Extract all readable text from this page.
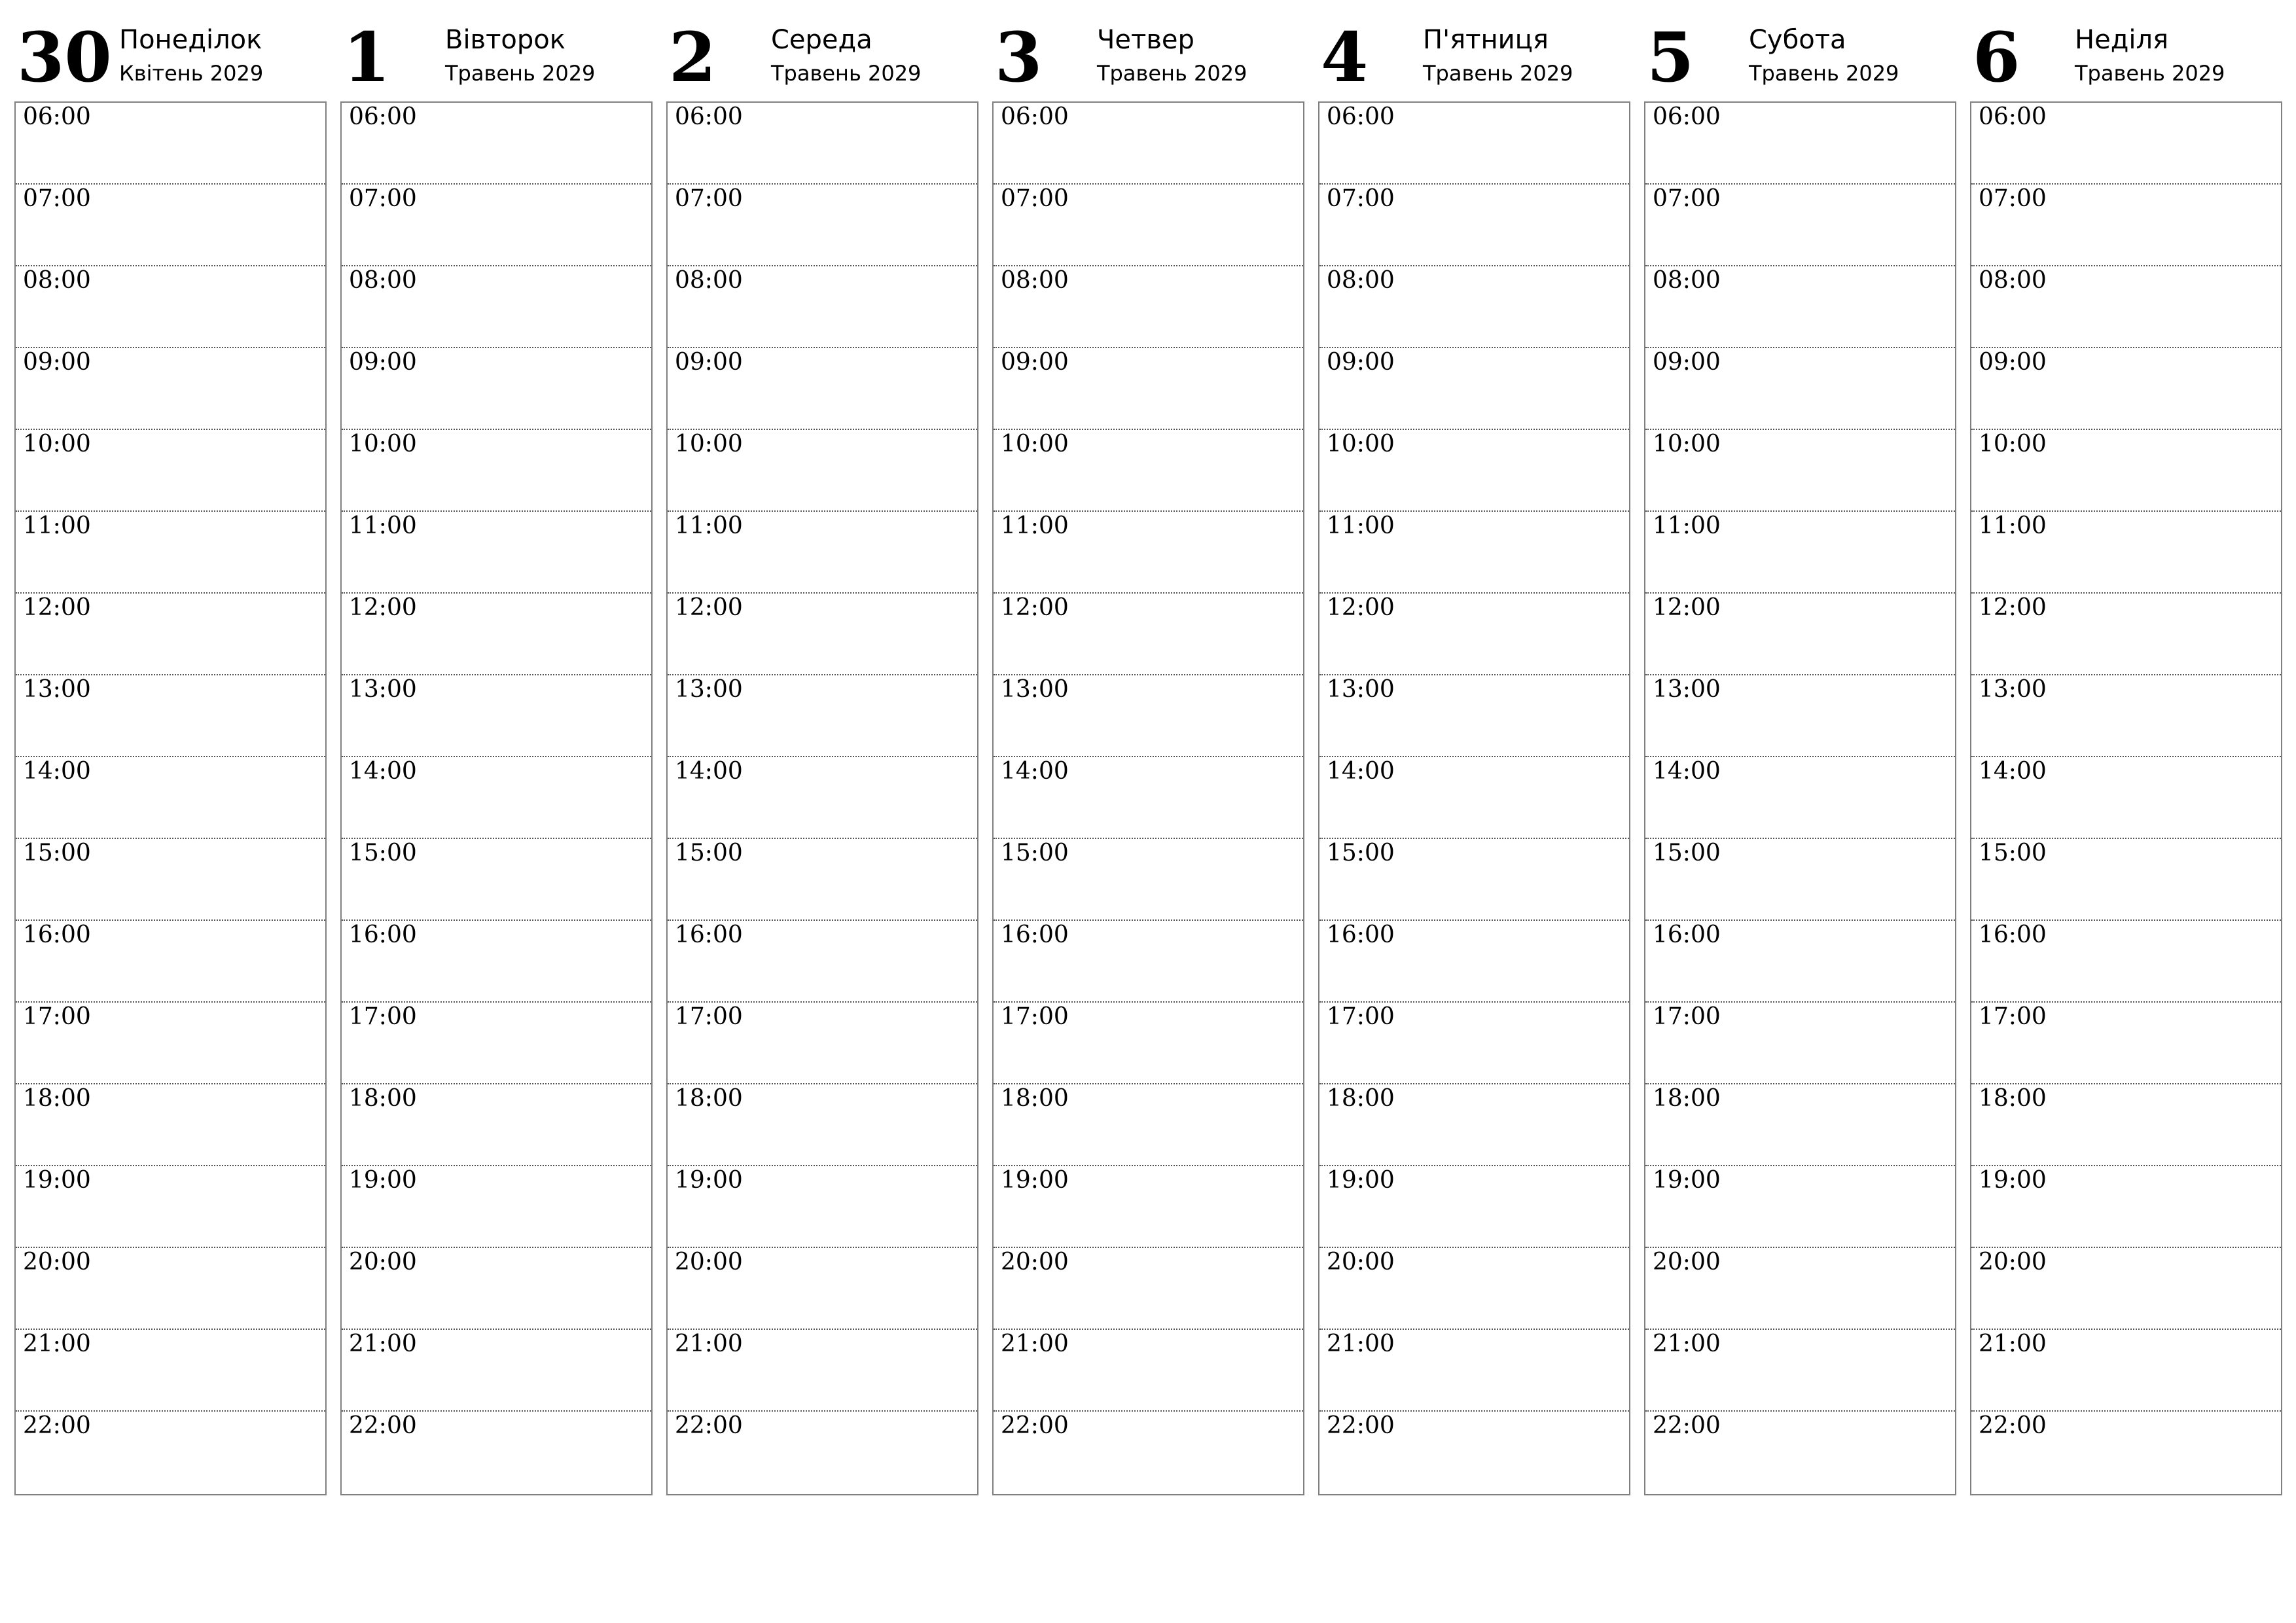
30 Понеділок
Квітень 2029
06:00
07:00
08:00
09:00
10:00
11:00
12:00
13:00
14:00
15:00
16:00
17:00
18:00
19:00
20:00
21:00
22:00
1 Вівторок
Травень 2029
06:00
07:00
08:00
09:00
10:00
11:00
12:00
13:00
14:00
15:00
16:00
17:00
18:00
19:00
20:00
21:00
22:00
2 Середа
Травень 2029
06:00
07:00
08:00
09:00
10:00
11:00
12:00
13:00
14:00
15:00
16:00
17:00
18:00
19:00
20:00
21:00
22:00
3 Четвер
Травень 2029
06:00
07:00
08:00
09:00
10:00
11:00
12:00
13:00
14:00
15:00
16:00
17:00
18:00
19:00
20:00
21:00
22:00
4 П'ятниця
Травень 2029
06:00
07:00
08:00
09:00
10:00
11:00
12:00
13:00
14:00
15:00
16:00
17:00
18:00
19:00
20:00
21:00
22:00
5 Субота
Травень 2029
06:00
07:00
08:00
09:00
10:00
11:00
12:00
13:00
14:00
15:00
16:00
17:00
18:00
19:00
20:00
21:00
22:00
6 Неділя
Травень 2029
06:00
07:00
08:00
09:00
10:00
11:00
12:00
13:00
14:00
15:00
16:00
17:00
18:00
19:00
20:00
21:00
22:00
